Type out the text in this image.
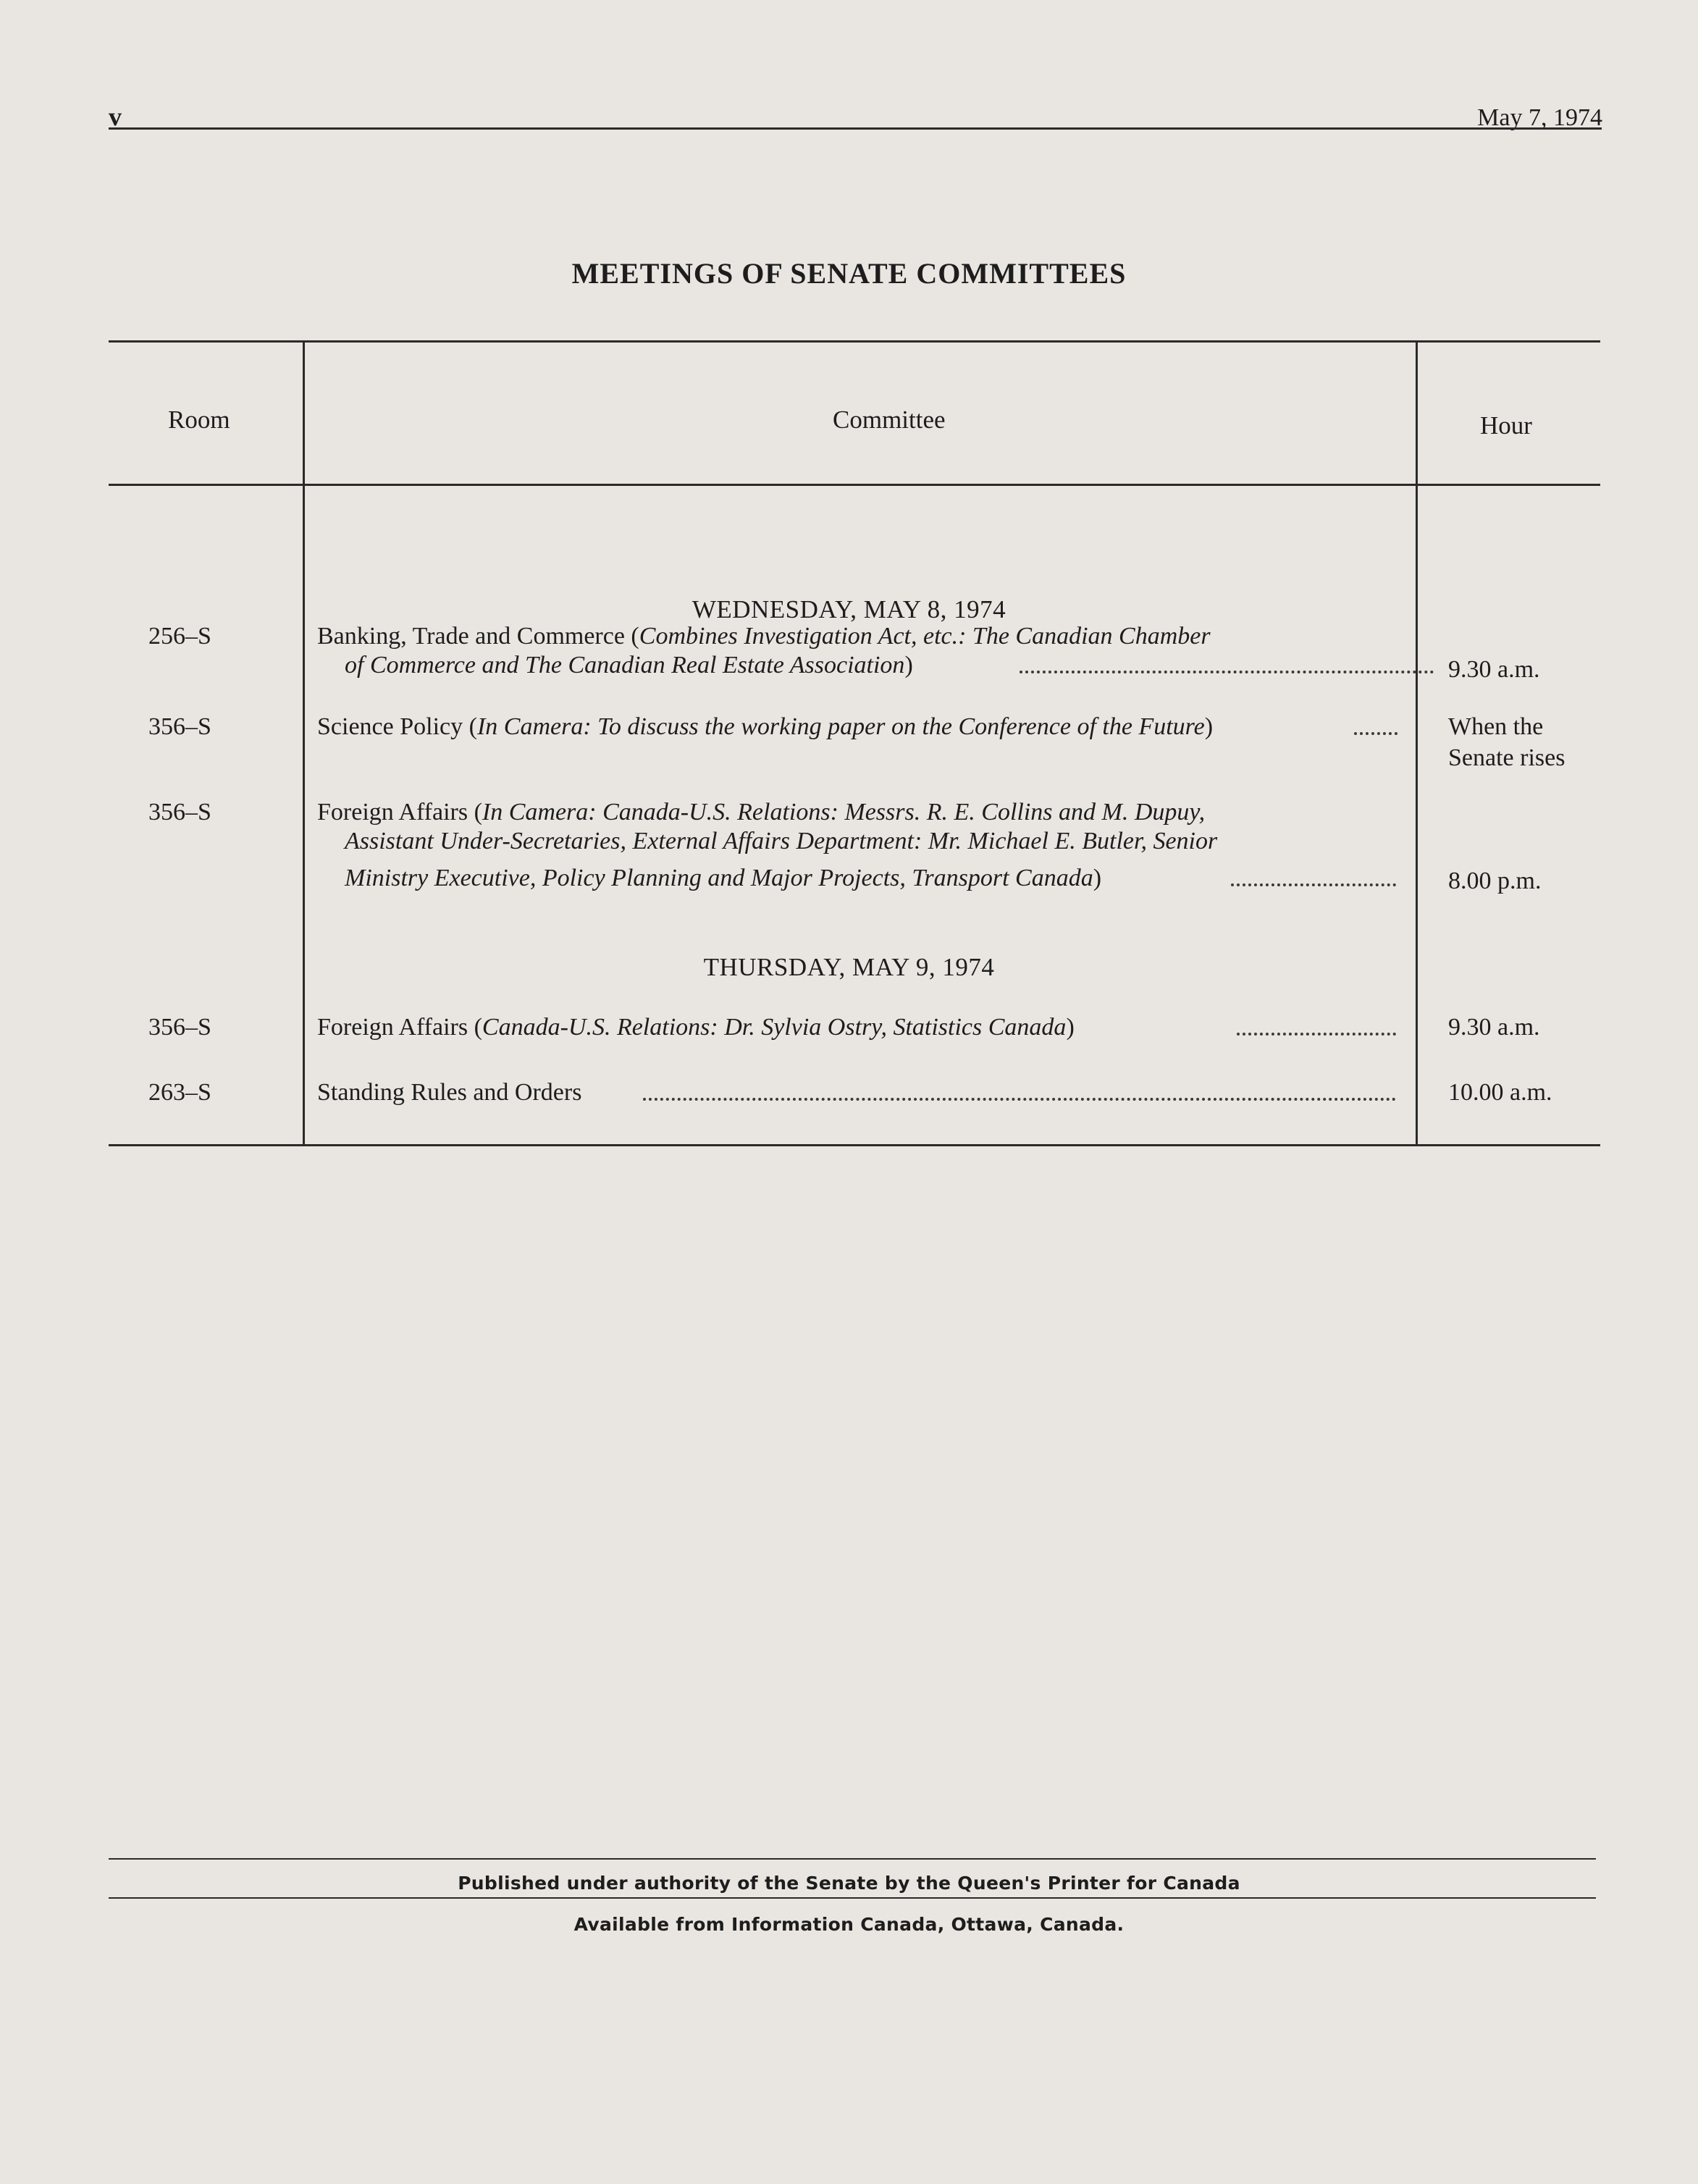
v	May 7, 1974
MEETINGS OF SENATE COMMITTEES
Room	Committee	Hour
WEDNESDAY, MAY 8, 1974
256–S	Banking, Trade and Commerce (Combines Investigation Act, etc.: The Canadian Chamber
of Commerce and The Canadian Real Estate Association)	9.30 a.m.
356–S	Science Policy (In Camera: To discuss the working paper on the Conference of the Future)	When the
Senate rises
356–S	Foreign Affairs (In Camera: Canada-U.S. Relations: Messrs. R. E. Collins and M. Dupuy,
Assistant Under-Secretaries, External Affairs Department: Mr. Michael E. Butler, Senior
Ministry Executive, Policy Planning and Major Projects, Transport Canada)	8.00 p.m.
THURSDAY, MAY 9, 1974
356–S	Foreign Affairs (Canada-U.S. Relations: Dr. Sylvia Ostry, Statistics Canada)	9.30 a.m.
263–S	Standing Rules and Orders	10.00 a.m.
Published under authority of the Senate by the Queen's Printer for Canada
Available from Information Canada, Ottawa, Canada.
